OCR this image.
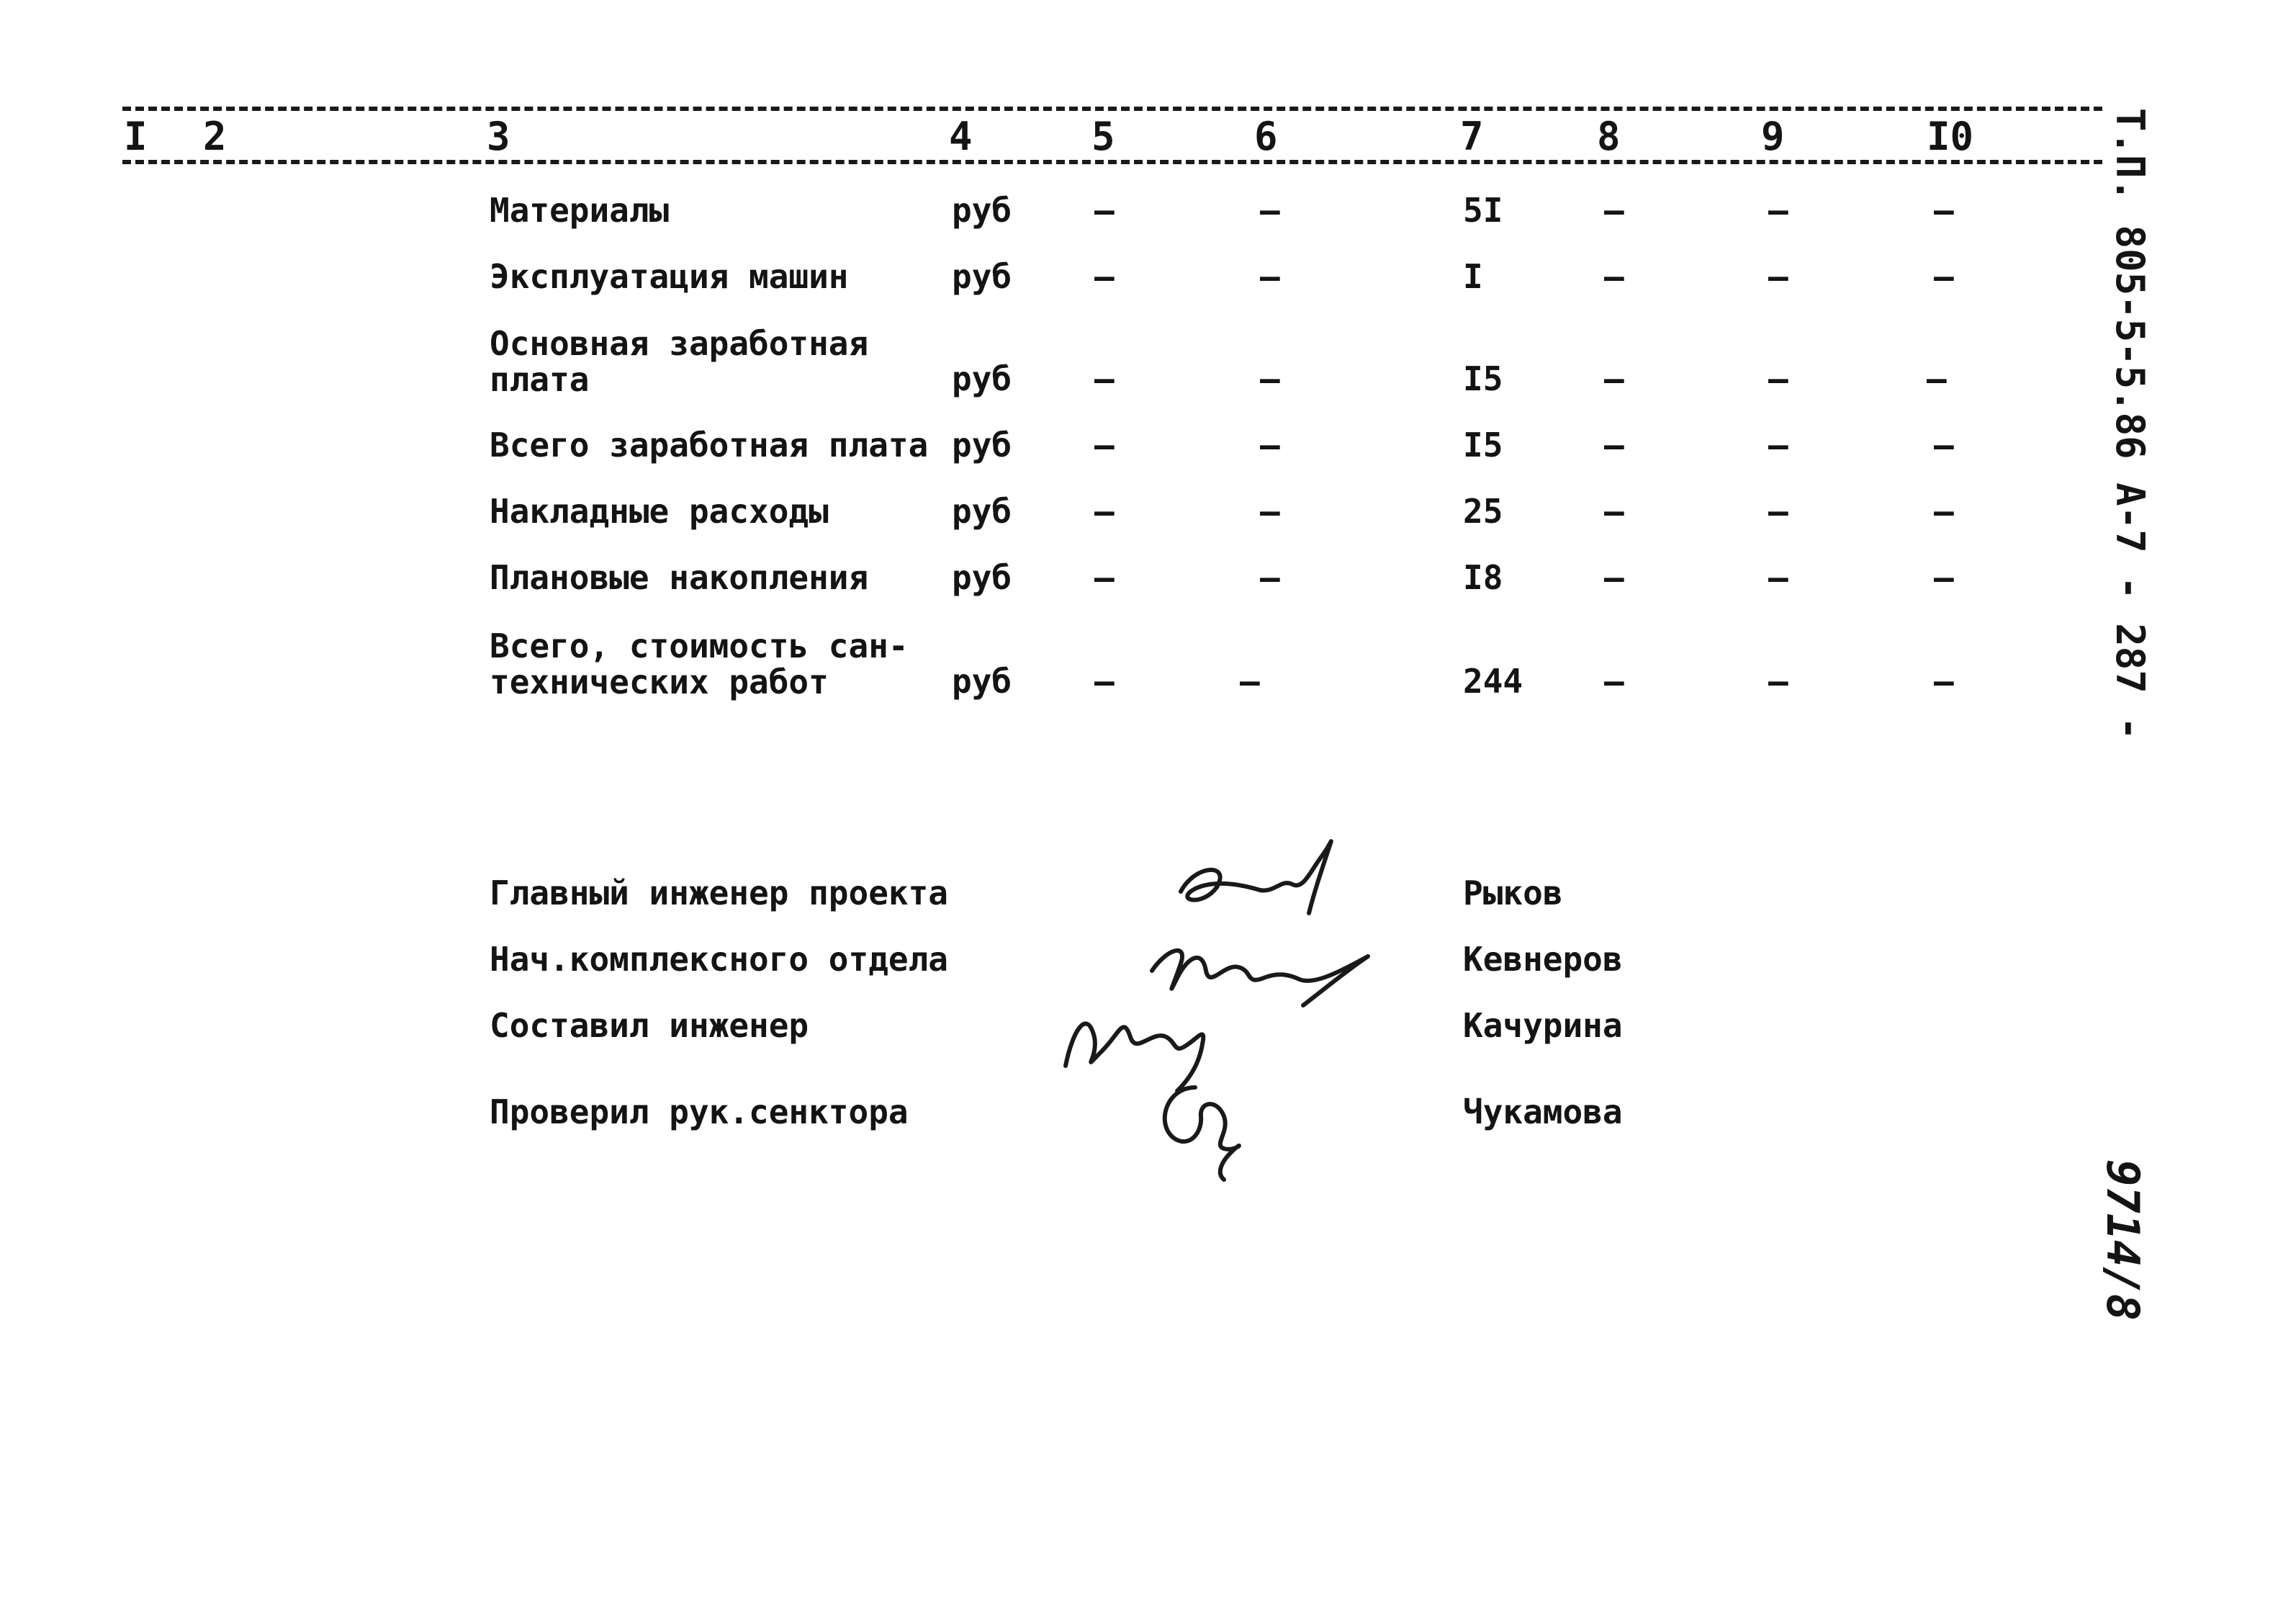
I 2	3	4	5	6	7	8	9	I0
Материалы	руб –	–	5I	–	–	–
Эксплуатация машин	руб –	–	I	–	–	–
Основная заработная
плата	руб –	–	I5	–	–	–
Всего заработная плата руб –	–	I5	–	–	–
Накладные расходы	руб –	–	25	–	–	–
Плановые накопления	руб –	–	I8	–	–	–
Всего, стоимость сан-
технических работ	руб –	–	244 –	–	–
Главный инженер проекта	Рыков
Нач.комплексного отдела	Кевнеров
Составил инженер	Качурина
Проверил рук.сенктора	Чукамова
Т.П. 805-5-5.86 А-7 - 287 -
9714/8
